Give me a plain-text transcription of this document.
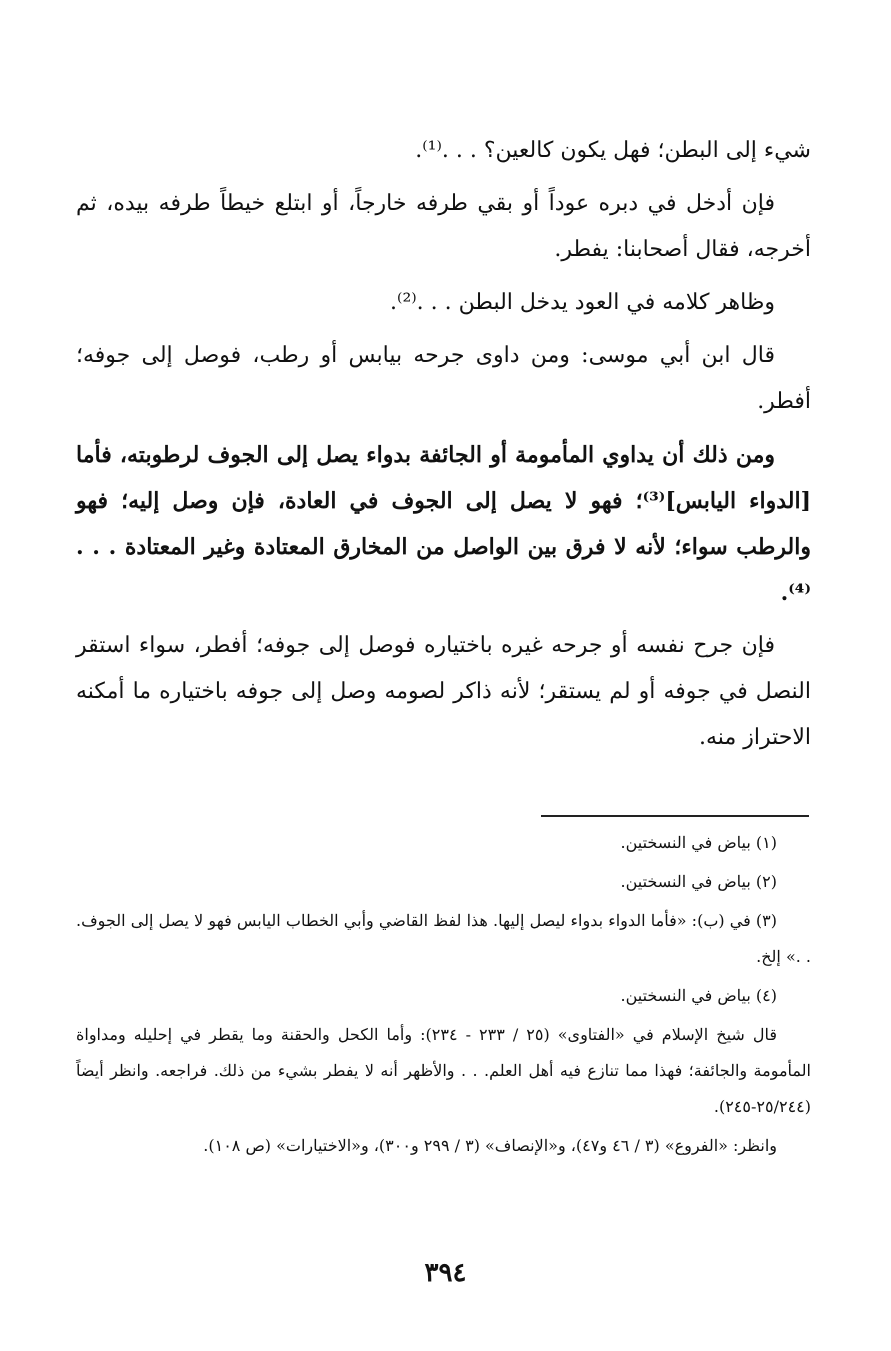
شيء إلى البطن؛ فهل يكون كالعين؟ . . .⁽¹⁾.

فإن أدخل في دبره عوداً أو بقي طرفه خارجاً، أو ابتلع خيطاً طرفه بيده، ثم أخرجه، فقال أصحابنا: يفطر.

وظاهر كلامه في العود يدخل البطن . . .⁽²⁾.

قال ابن أبي موسى: ومن داوى جرحه بيابس أو رطب، فوصل إلى جوفه؛ أفطر.

ومن ذلك أن يداوي المأمومة أو الجائفة بدواء يصل إلى الجوف لرطوبته، فأما [الدواء اليابس]⁽³⁾؛ فهو لا يصل إلى الجوف في العادة، فإن وصل إليه؛ فهو والرطب سواء؛ لأنه لا فرق بين الواصل من المخارق المعتادة وغير المعتادة . . .⁽⁴⁾.

فإن جرح نفسه أو جرحه غيره باختياره فوصل إلى جوفه؛ أفطر، سواء استقر النصل في جوفه أو لم يستقر؛ لأنه ذاكر لصومه وصل إلى جوفه باختياره ما أمكنه الاحتراز منه.

(١) بياض في النسختين.

(٢) بياض في النسختين.

(٣) في (ب): «فأما الدواء بدواء ليصل إليها. هذا لفظ القاضي وأبي الخطاب اليابس فهو لا يصل إلى الجوف. . .» إلخ.

(٤) بياض في النسختين.

قال شيخ الإسلام في «الفتاوى» (٢٥ / ٢٣٣ - ٢٣٤): وأما الكحل والحقنة وما يقطر في إحليله ومداواة المأمومة والجائفة؛ فهذا مما تنازع فيه أهل العلم. . . والأظهر أنه لا يفطر بشيء من ذلك. فراجعه. وانظر أيضاً (٢٥/٢٤٤-٢٤٥).

وانظر: «الفروع» (٣ / ٤٦ و٤٧)، و«الإنصاف» (٣ / ٢٩٩ و٣٠٠)، و«الاختيارات» (ص ١٠٨).

٣٩٤
